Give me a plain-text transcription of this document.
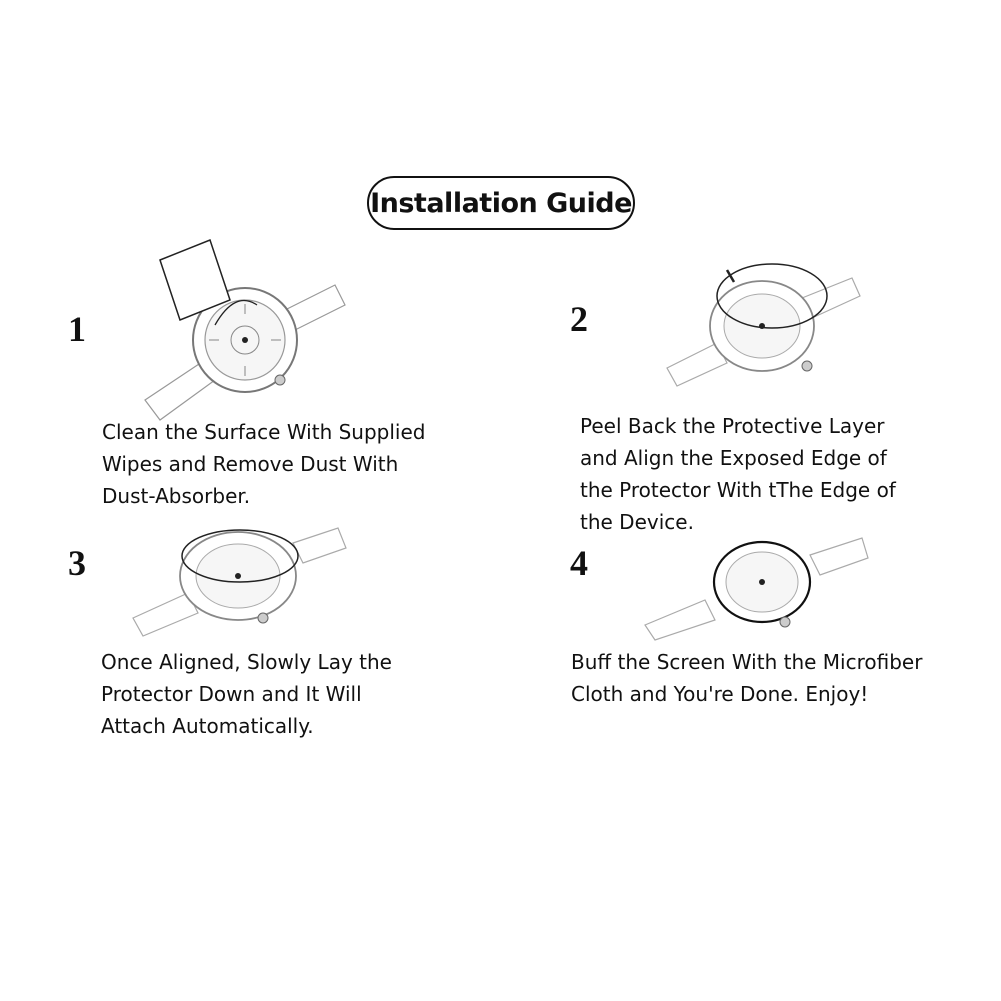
Installation Guide
1
Clean the Surface With Supplied
Wipes and Remove Dust With
Dust-Absorber.
2
Peel Back the Protective Layer
and Align the Exposed Edge of
the Protector With tThe Edge of
the Device.
3
Once Aligned, Slowly Lay the
Protector Down and It Will
Attach Automatically.
4
Buff the Screen With the Microfiber
Cloth and You're Done. Enjoy!
